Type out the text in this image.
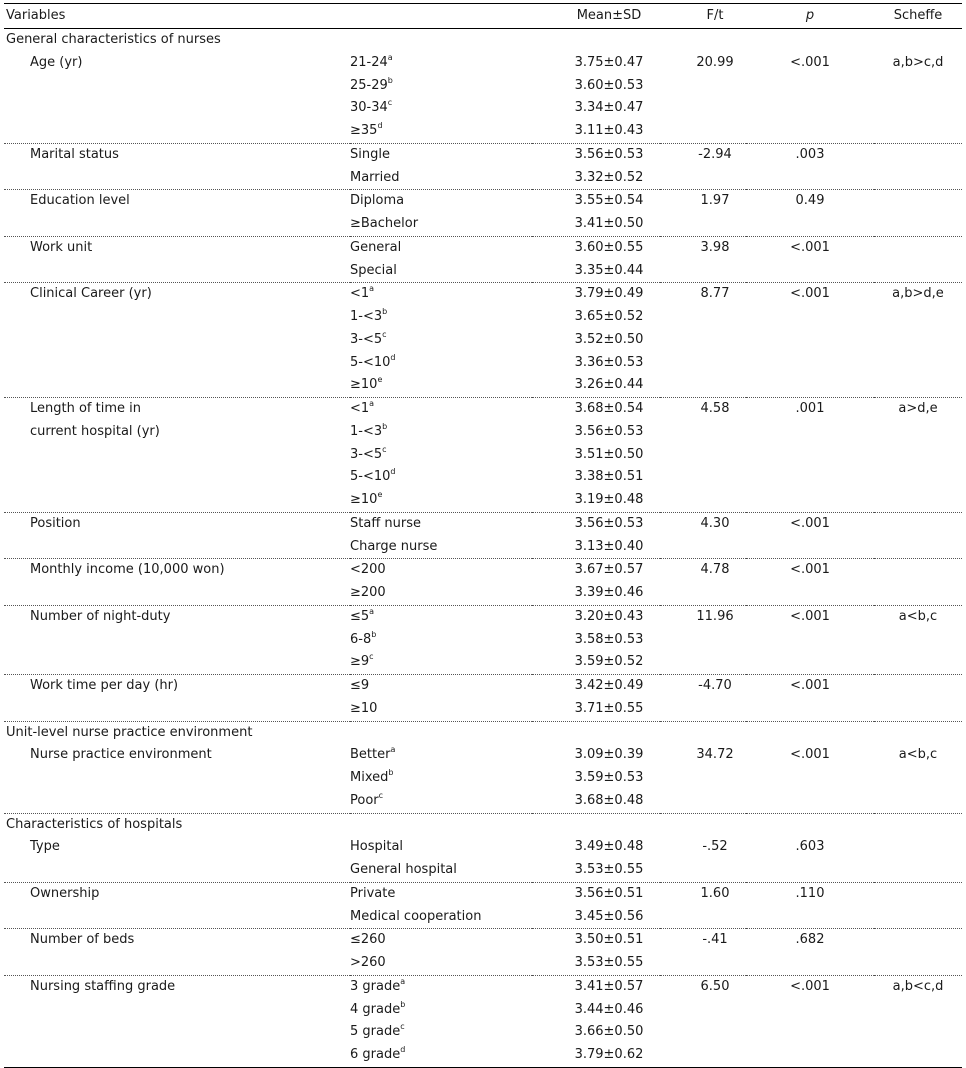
Variables		Mean±SD	F/t	p	Scheffe
General characteristics of nurses					
Age (yr)	21-24$^a$	3.75±0.47	20.99	<.001	a,b>c,d
	25-29$^b$	3.60±0.53			
	30-34$^c$	3.34±0.47			
	$\ge 35^d$	3.11±0.43			
Marital status	Single	3.56±0.53	-2.94	.003	
	Married	3.32±0.52			
Education level	Diploma	3.55±0.54	1.97	0.49	
	≥Bachelor	3.41±0.50			
Work unit	General	3.60±0.55	3.98	<.001	
	Special	3.35±0.44			
Clinical Career (yr)	$<1^a$	3.79±0.49	8.77	<.001	a,b>d,e
	$1-<3^b$	3.65±0.52			
	$3-<5^c$	3.52±0.50			
	$5-<10^d$	3.36±0.53			
	$\ge 10^e$	3.26±0.44			
Length of time in	$<1^a$	3.68±0.54	4.58	.001	a>d,e
current hospital (yr)	$1-<3^b$	3.56±0.53			
	$3-<5^c$	3.51±0.50			
	$5-<10^d$	3.38±0.51			
	$\ge 10^e$	3.19±0.48			
Position	Staff nurse	3.56±0.53	4.30	<.001	
	Charge nurse	3.13±0.40			
Monthly income (10,000 won)	<200	3.67±0.57	4.78	<.001	
	≥200	3.39±0.46			
Number of night-duty	$\le 5^a$	3.20±0.43	11.96	<.001	a<b,c
	6-8$^b$	3.58±0.53			
	$\ge 9^c$	3.59±0.52			
Work time per day (hr)	≤9	3.42±0.49	-4.70	<.001	
	≥10	3.71±0.55			
Unit-level nurse practice environment					
Nurse practice environment	Better$^a$	3.09±0.39	34.72	<.001	a<b,c
	Mixed$^b$	3.59±0.53			
	Poor$^c$	3.68±0.48			
Characteristics of hospitals					
Type	Hospital	3.49±0.48	-.52	.603	
	General hospital	3.53±0.55			
Ownership	Private	3.56±0.51	1.60	.110	
	Medical cooperation	3.45±0.56			
Number of beds	≤260	3.50±0.51	-.41	.682	
	>260	3.53±0.55			
Nursing staffing grade	3 grade$^a$	3.41±0.57	6.50	<.001	a,b<c,d
	4 grade$^b$	3.44±0.46			
	5 grade$^c$	3.66±0.50			
	6 grade$^d$	3.79±0.62			
